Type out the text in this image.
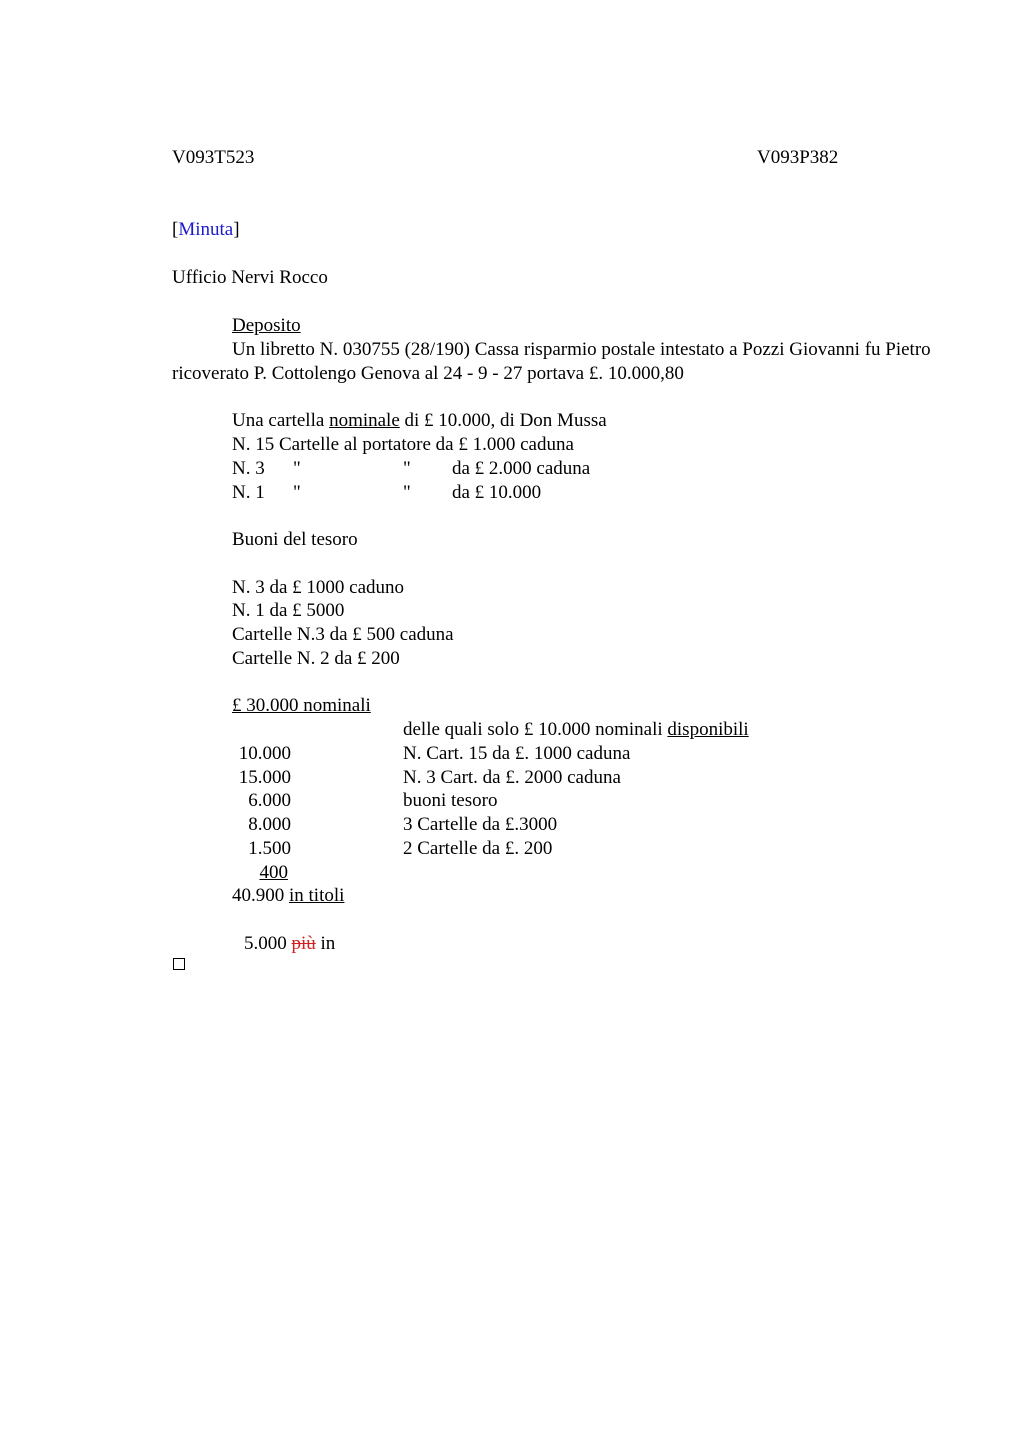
V093T523	V093P382
[Minuta]
Ufficio Nervi Rocco
Deposito
Un libretto N. 030755 (28/190) Cassa risparmio postale intestato a Pozzi Giovanni fu Pietro ricoverato P. Cottolengo Genova al 24 - 9 - 27 portava £. 10.000,80
Una cartella nominale di £ 10.000, di Don Mussa
N. 15 Cartelle al portatore da £ 1.000 caduna
N. 3 "	" da £ 2.000 caduna
N. 1 "	" da £ 10.000
Buoni del tesoro
N. 3 da £ 1000 caduno
N. 1 da £ 5000
Cartelle N.3 da £ 500 caduna
Cartelle N. 2 da £ 200
£ 30.000 nominali
delle quali solo £ 10.000 nominali disponibili
10.000	N. Cart. 15 da £. 1000 caduna
15.000	N. 3 Cart. da £. 2000 caduna
6.000	buoni tesoro
8.000	3 Cartelle da £.3000
1.500	2 Cartelle da £. 200
400
40.900 in titoli
5.000 più in
